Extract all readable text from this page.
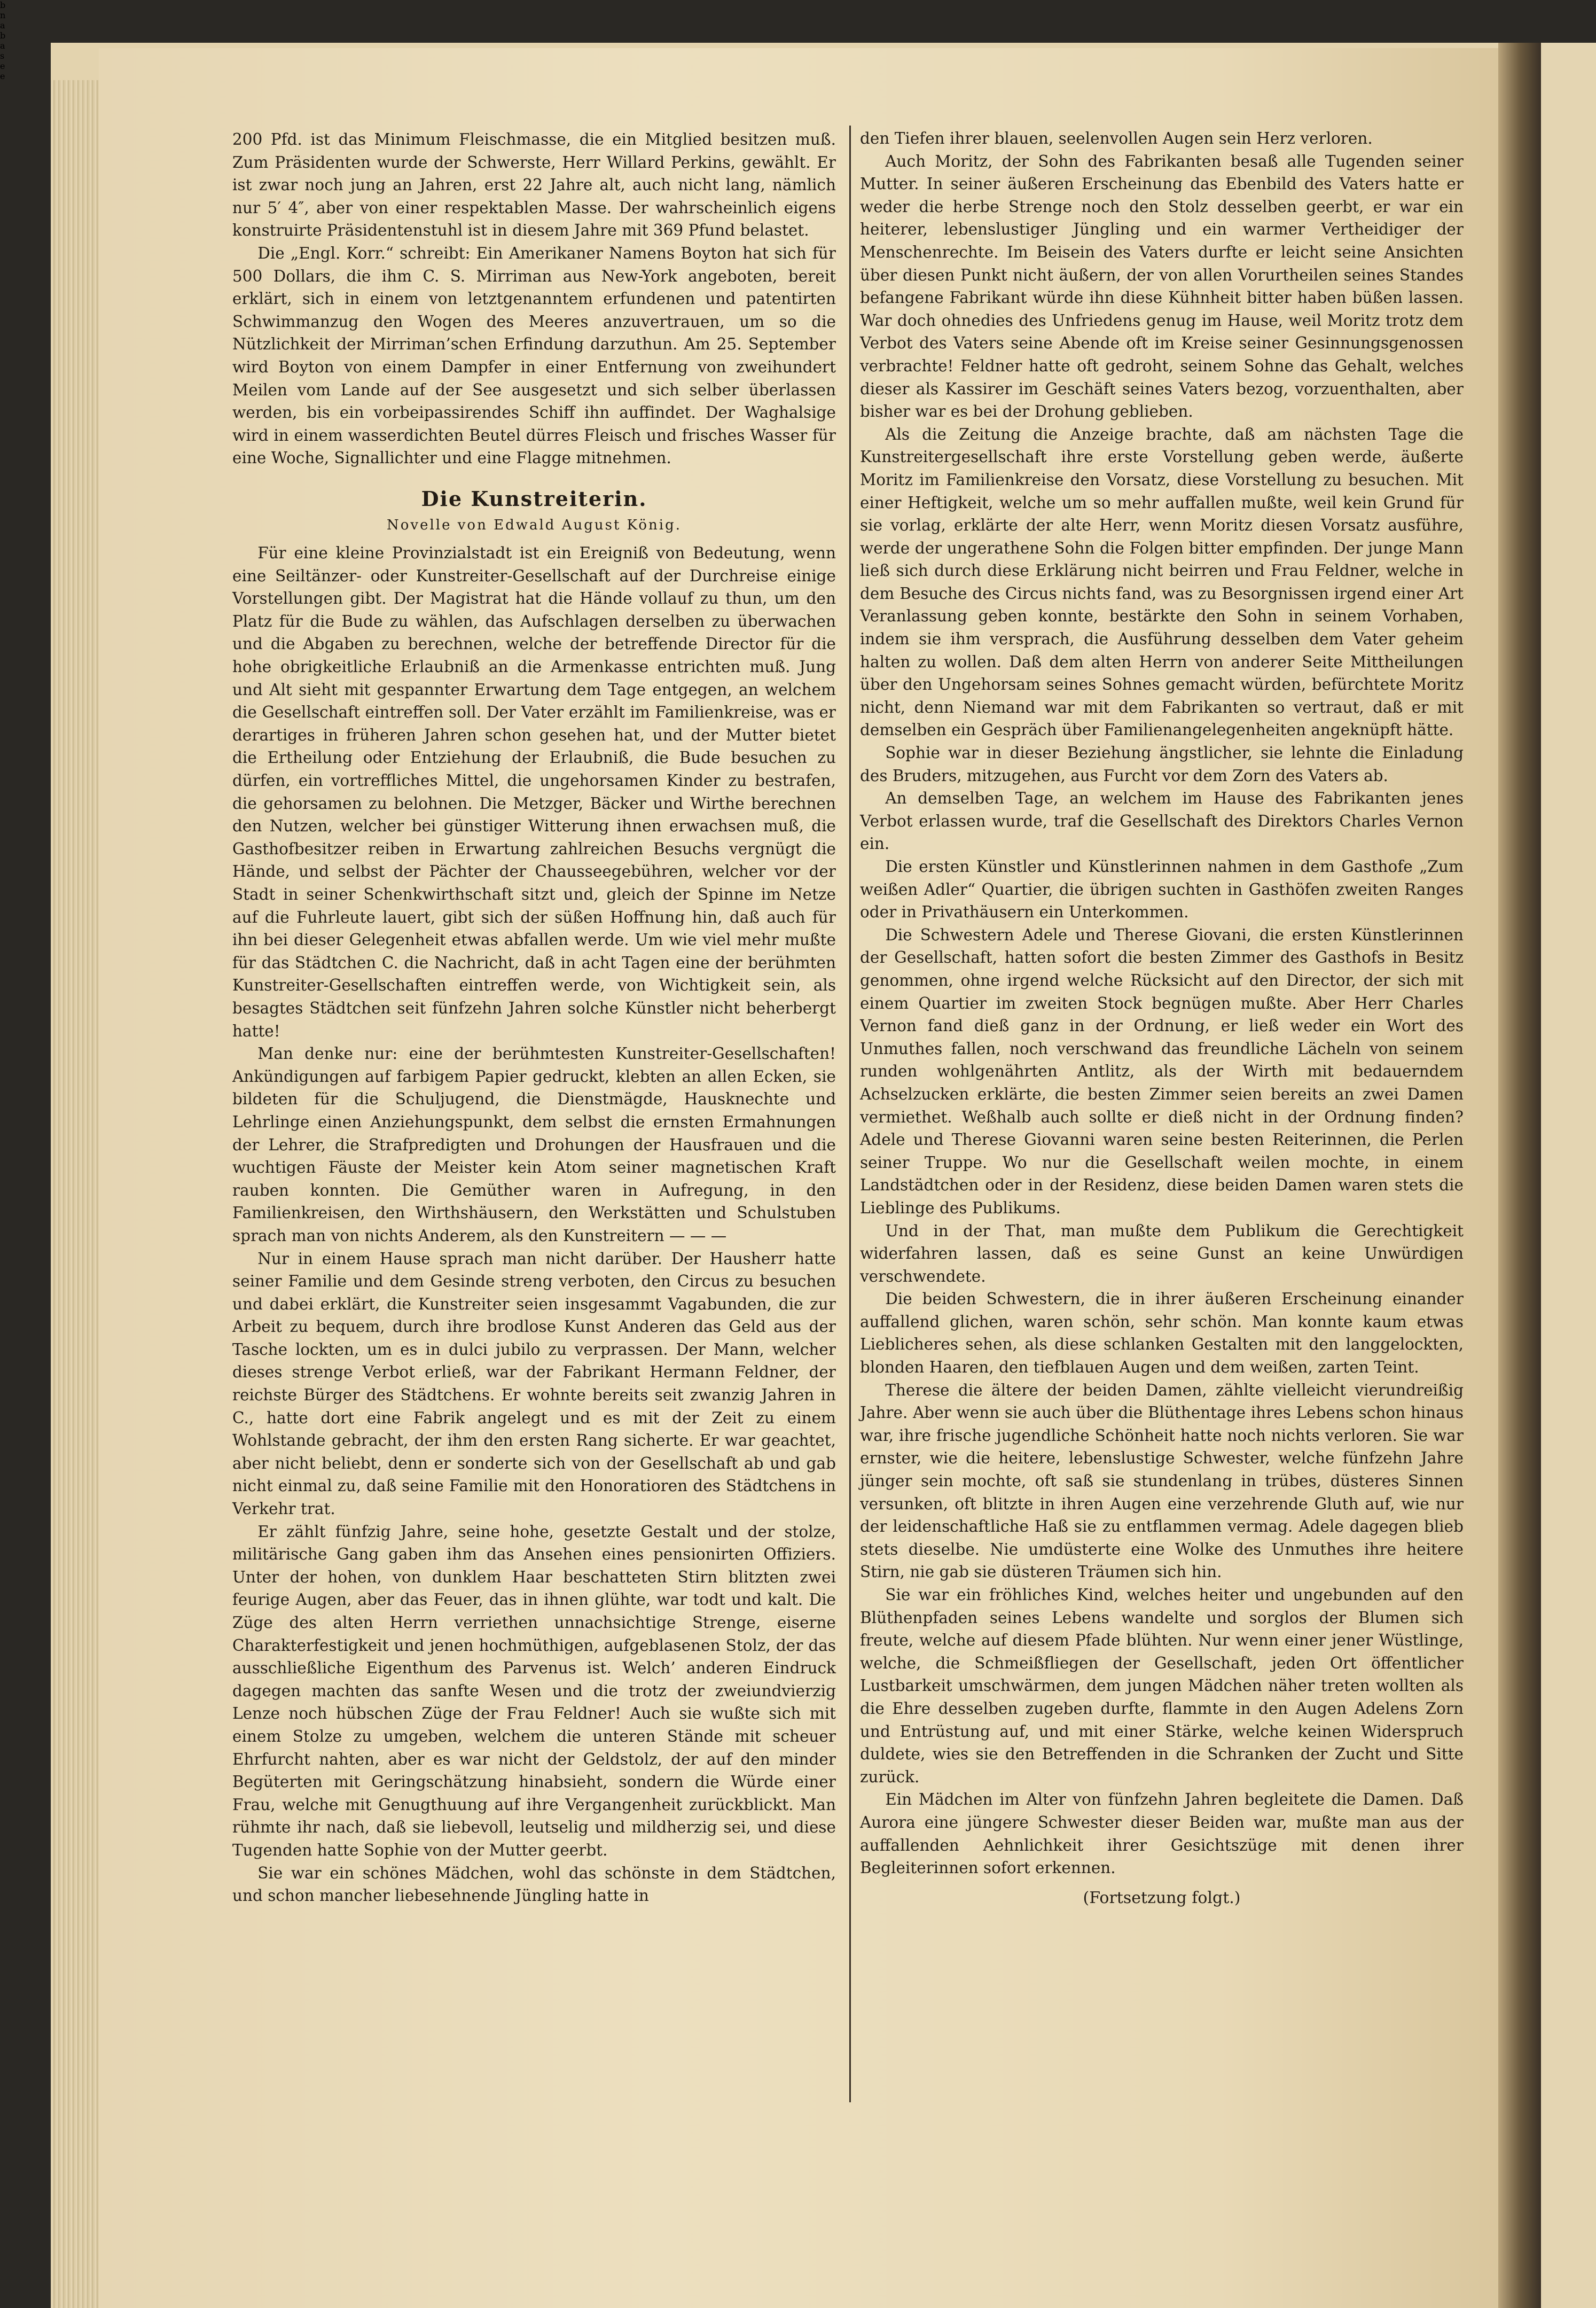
200 Pfd. ist das Minimum Fleischmasse, die ein Mitglied besitzen muß. Zum Präsidenten wurde der Schwerste, Herr Willard Perkins, gewählt. Er ist zwar noch jung an Jahren, erst 22 Jahre alt, auch nicht lang, nämlich nur 5′ 4″, aber von einer respektablen Masse. Der wahrscheinlich eigens konstruirte Präsidentenstuhl ist in diesem Jahre mit 369 Pfund belastet.

Die „Engl. Korr.“ schreibt: Ein Amerikaner Namens Boyton hat sich für 500 Dollars, die ihm C. S. Mirriman aus New-York angeboten, bereit erklärt, sich in einem von letztgenanntem erfundenen und patentirten Schwimmanzug den Wogen des Meeres anzuvertrauen, um so die Nützlichkeit der Mirriman’schen Erfindung darzuthun. Am 25. September wird Boyton von einem Dampfer in einer Entfernung von zweihundert Meilen vom Lande auf der See ausgesetzt und sich selber überlassen werden, bis ein vorbeipassirendes Schiff ihn auffindet. Der Waghalsige wird in einem wasserdichten Beutel dürres Fleisch und frisches Wasser für eine Woche, Signallichter und eine Flagge mitnehmen.

Die Kunstreiterin.
Novelle von Edwald August König.

Für eine kleine Provinzialstadt ist ein Ereigniß von Bedeutung, wenn eine Seiltänzer- oder Kunstreiter-Gesellschaft auf der Durchreise einige Vorstellungen gibt. Der Magistrat hat die Hände vollauf zu thun, um den Platz für die Bude zu wählen, das Aufschlagen derselben zu überwachen und die Abgaben zu berechnen, welche der betreffende Director für die hohe obrigkeitliche Erlaubniß an die Armenkasse entrichten muß. Jung und Alt sieht mit gespannter Erwartung dem Tage entgegen, an welchem die Gesellschaft eintreffen soll. Der Vater erzählt im Familienkreise, was er derartiges in früheren Jahren schon gesehen hat, und der Mutter bietet die Ertheilung oder Entziehung der Erlaubniß, die Bude besuchen zu dürfen, ein vortreffliches Mittel, die ungehorsamen Kinder zu bestrafen, die gehorsamen zu belohnen. Die Metzger, Bäcker und Wirthe berechnen den Nutzen, welcher bei günstiger Witterung ihnen erwachsen muß, die Gasthofbesitzer reiben in Erwartung zahlreichen Besuchs vergnügt die Hände, und selbst der Pächter der Chausseegebühren, welcher vor der Stadt in seiner Schenkwirthschaft sitzt und, gleich der Spinne im Netze auf die Fuhrleute lauert, gibt sich der süßen Hoffnung hin, daß auch für ihn bei dieser Gelegenheit etwas abfallen werde. Um wie viel mehr mußte für das Städtchen C. die Nachricht, daß in acht Tagen eine der berühmten Kunstreiter-Gesellschaften eintreffen werde, von Wichtigkeit sein, als besagtes Städtchen seit fünfzehn Jahren solche Künstler nicht beherbergt hatte!

Man denke nur: eine der berühmtesten Kunstreiter-Gesellschaften! Ankündigungen auf farbigem Papier gedruckt, klebten an allen Ecken, sie bildeten für die Schuljugend, die Dienstmägde, Hausknechte und Lehrlinge einen Anziehungspunkt, dem selbst die ernsten Ermahnungen der Lehrer, die Strafpredigten und Drohungen der Hausfrauen und die wuchtigen Fäuste der Meister kein Atom seiner magnetischen Kraft rauben konnten. Die Gemüther waren in Aufregung, in den Familienkreisen, den Wirthshäusern, den Werkstätten und Schulstuben sprach man von nichts Anderem, als den Kunstreitern — — —

Nur in einem Hause sprach man nicht darüber. Der Hausherr hatte seiner Familie und dem Gesinde streng verboten, den Circus zu besuchen und dabei erklärt, die Kunstreiter seien insgesammt Vagabunden, die zur Arbeit zu bequem, durch ihre brodlose Kunst Anderen das Geld aus der Tasche lockten, um es in dulci jubilo zu verprassen. Der Mann, welcher dieses strenge Verbot erließ, war der Fabrikant Hermann Feldner, der reichste Bürger des Städtchens. Er wohnte bereits seit zwanzig Jahren in C., hatte dort eine Fabrik angelegt und es mit der Zeit zu einem Wohlstande gebracht, der ihm den ersten Rang sicherte. Er war geachtet, aber nicht beliebt, denn er sonderte sich von der Gesellschaft ab und gab nicht einmal zu, daß seine Familie mit den Honoratioren des Städtchens in Verkehr trat.

Er zählt fünfzig Jahre, seine hohe, gesetzte Gestalt und der stolze, militärische Gang gaben ihm das Ansehen eines pensionirten Offiziers. Unter der hohen, von dunklem Haar beschatteten Stirn blitzten zwei feurige Augen, aber das Feuer, das in ihnen glühte, war todt und kalt. Die Züge des alten Herrn verriethen unnachsichtige Strenge, eiserne Charakterfestigkeit und jenen hochmüthigen, aufgeblasenen Stolz, der das ausschließliche Eigenthum des Parvenus ist. Welch’ anderen Eindruck dagegen machten das sanfte Wesen und die trotz der zweiundvierzig Lenze noch hübschen Züge der Frau Feldner! Auch sie wußte sich mit einem Stolze zu umgeben, welchem die unteren Stände mit scheuer Ehrfurcht nahten, aber es war nicht der Geldstolz, der auf den minder Begüterten mit Geringschätzung hinabsieht, sondern die Würde einer Frau, welche mit Genugthuung auf ihre Vergangenheit zurückblickt. Man rühmte ihr nach, daß sie liebevoll, leutselig und mildherzig sei, und diese Tugenden hatte Sophie von der Mutter geerbt.

Sie war ein schönes Mädchen, wohl das schönste in dem Städtchen, und schon mancher liebesehnende Jüngling hatte in

den Tiefen ihrer blauen, seelenvollen Augen sein Herz verloren.

Auch Moritz, der Sohn des Fabrikanten besaß alle Tugenden seiner Mutter. In seiner äußeren Erscheinung das Ebenbild des Vaters hatte er weder die herbe Strenge noch den Stolz desselben geerbt, er war ein heiterer, lebenslustiger Jüngling und ein warmer Vertheidiger der Menschenrechte. Im Beisein des Vaters durfte er leicht seine Ansichten über diesen Punkt nicht äußern, der von allen Vorurtheilen seines Standes befangene Fabrikant würde ihn diese Kühnheit bitter haben büßen lassen. War doch ohnedies des Unfriedens genug im Hause, weil Moritz trotz dem Verbot des Vaters seine Abende oft im Kreise seiner Gesinnungsgenossen verbrachte! Feldner hatte oft gedroht, seinem Sohne das Gehalt, welches dieser als Kassirer im Geschäft seines Vaters bezog, vorzuenthalten, aber bisher war es bei der Drohung geblieben.

Als die Zeitung die Anzeige brachte, daß am nächsten Tage die Kunstreitergesellschaft ihre erste Vorstellung geben werde, äußerte Moritz im Familienkreise den Vorsatz, diese Vorstellung zu besuchen. Mit einer Heftigkeit, welche um so mehr auffallen mußte, weil kein Grund für sie vorlag, erklärte der alte Herr, wenn Moritz diesen Vorsatz ausführe, werde der ungerathene Sohn die Folgen bitter empfinden. Der junge Mann ließ sich durch diese Erklärung nicht beirren und Frau Feldner, welche in dem Besuche des Circus nichts fand, was zu Besorgnissen irgend einer Art Veranlassung geben konnte, bestärkte den Sohn in seinem Vorhaben, indem sie ihm versprach, die Ausführung desselben dem Vater geheim halten zu wollen. Daß dem alten Herrn von anderer Seite Mittheilungen über den Ungehorsam seines Sohnes gemacht würden, befürchtete Moritz nicht, denn Niemand war mit dem Fabrikanten so vertraut, daß er mit demselben ein Gespräch über Familienangelegenheiten angeknüpft hätte.

Sophie war in dieser Beziehung ängstlicher, sie lehnte die Einladung des Bruders, mitzugehen, aus Furcht vor dem Zorn des Vaters ab.

An demselben Tage, an welchem im Hause des Fabrikanten jenes Verbot erlassen wurde, traf die Gesellschaft des Direktors Charles Vernon ein.

Die ersten Künstler und Künstlerinnen nahmen in dem Gasthofe „Zum weißen Adler“ Quartier, die übrigen suchten in Gasthöfen zweiten Ranges oder in Privathäusern ein Unterkommen.

Die Schwestern Adele und Therese Giovani, die ersten Künstlerinnen der Gesellschaft, hatten sofort die besten Zimmer des Gasthofs in Besitz genommen, ohne irgend welche Rücksicht auf den Director, der sich mit einem Quartier im zweiten Stock begnügen mußte. Aber Herr Charles Vernon fand dieß ganz in der Ordnung, er ließ weder ein Wort des Unmuthes fallen, noch verschwand das freundliche Lächeln von seinem runden wohlgenährten Antlitz, als der Wirth mit bedauerndem Achselzucken erklärte, die besten Zimmer seien bereits an zwei Damen vermiethet. Weßhalb auch sollte er dieß nicht in der Ordnung finden? Adele und Therese Giovanni waren seine besten Reiterinnen, die Perlen seiner Truppe. Wo nur die Gesellschaft weilen mochte, in einem Landstädtchen oder in der Residenz, diese beiden Damen waren stets die Lieblinge des Publikums.

Und in der That, man mußte dem Publikum die Gerechtigkeit widerfahren lassen, daß es seine Gunst an keine Unwürdigen verschwendete.

Die beiden Schwestern, die in ihrer äußeren Erscheinung einander auffallend glichen, waren schön, sehr schön. Man konnte kaum etwas Lieblicheres sehen, als diese schlanken Gestalten mit den langgelockten, blonden Haaren, den tiefblauen Augen und dem weißen, zarten Teint.

Therese die ältere der beiden Damen, zählte vielleicht vierundreißig Jahre. Aber wenn sie auch über die Blüthentage ihres Lebens schon hinaus war, ihre frische jugendliche Schönheit hatte noch nichts verloren. Sie war ernster, wie die heitere, lebenslustige Schwester, welche fünfzehn Jahre jünger sein mochte, oft saß sie stundenlang in trübes, düsteres Sinnen versunken, oft blitzte in ihren Augen eine verzehrende Gluth auf, wie nur der leidenschaftliche Haß sie zu entflammen vermag. Adele dagegen blieb stets dieselbe. Nie umdüsterte eine Wolke des Unmuthes ihre heitere Stirn, nie gab sie düsteren Träumen sich hin.

Sie war ein fröhliches Kind, welches heiter und ungebunden auf den Blüthenpfaden seines Lebens wandelte und sorglos der Blumen sich freute, welche auf diesem Pfade blühten. Nur wenn einer jener Wüstlinge, welche, die Schmeißfliegen der Gesellschaft, jeden Ort öffentlicher Lustbarkeit umschwärmen, dem jungen Mädchen näher treten wollten als die Ehre desselben zugeben durfte, flammte in den Augen Adelens Zorn und Entrüstung auf, und mit einer Stärke, welche keinen Widerspruch duldete, wies sie den Betreffenden in die Schranken der Zucht und Sitte zurück.

Ein Mädchen im Alter von fünfzehn Jahren begleitete die Damen. Daß Aurora eine jüngere Schwester dieser Beiden war, mußte man aus der auffallenden Aehnlichkeit ihrer Gesichtszüge mit denen ihrer Begleiterinnen sofort erkennen.

(Fortsetzung folgt.)
b
n
a
b
a
s
e
e
